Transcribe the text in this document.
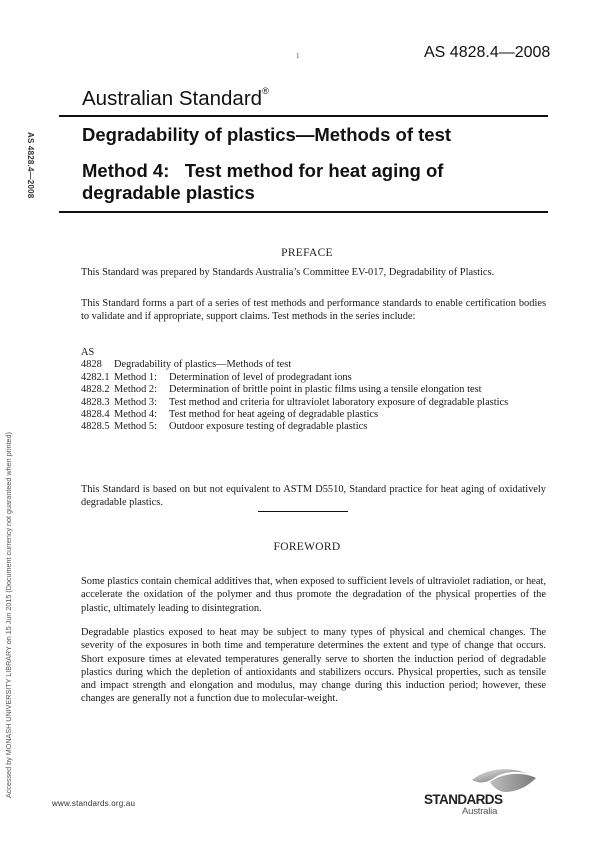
1	AS 4828.4—2008
Australian Standard®
AS 4828.4—2008
Accessed by MONASH UNIVERSITY LIBRARY on 15 Jun 2015 (Document currency not guaranteed when printed)
Degradability of plastics—Methods of test
Method 4:   Test method for heat aging of degradable plastics
PREFACE

This Standard was prepared by Standards Australia’s Committee EV-017, Degradability of Plastics.

This Standard forms a part of a series of test methods and performance standards to enable certification bodies to validate and if appropriate, support claims. Test methods in the series include:

AS
4828	Degradability of plastics—Methods of test
4282.1 Method 1:	Determination of level of prodegradant ions
4828.2 Method 2:	Determination of brittle point in plastic films using a tensile elongation test
4828.3 Method 3:	Test method and criteria for ultraviolet laboratory exposure of degradable plastics
4828.4 Method 4:	Test method for heat ageing of degradable plastics
4828.5 Method 5:	Outdoor exposure testing of degradable plastics

This Standard is based on but not equivalent to ASTM D5510, Standard practice for heat aging of oxidatively degradable plastics.

FOREWORD

Some plastics contain chemical additives that, when exposed to sufficient levels of ultraviolet radiation, or heat, accelerate the oxidation of the polymer and thus promote the degradation of the physical properties of the plastic, ultimately leading to disintegration.

Degradable plastics exposed to heat may be subject to many types of physical and chemical changes. The severity of the exposures in both time and temperature determines the extent and type of change that occurs. Short exposure times at elevated temperatures generally serve to shorten the induction period of degradable plastics during which the depletion of antioxidants and stabilizers occurs. Physical properties, such as tensile and impact strength and elongation and modulus, may change during this induction period; however, these changes are generally not a function due to molecular-weight.

www.standards.org.au	STANDARDS
Australia
